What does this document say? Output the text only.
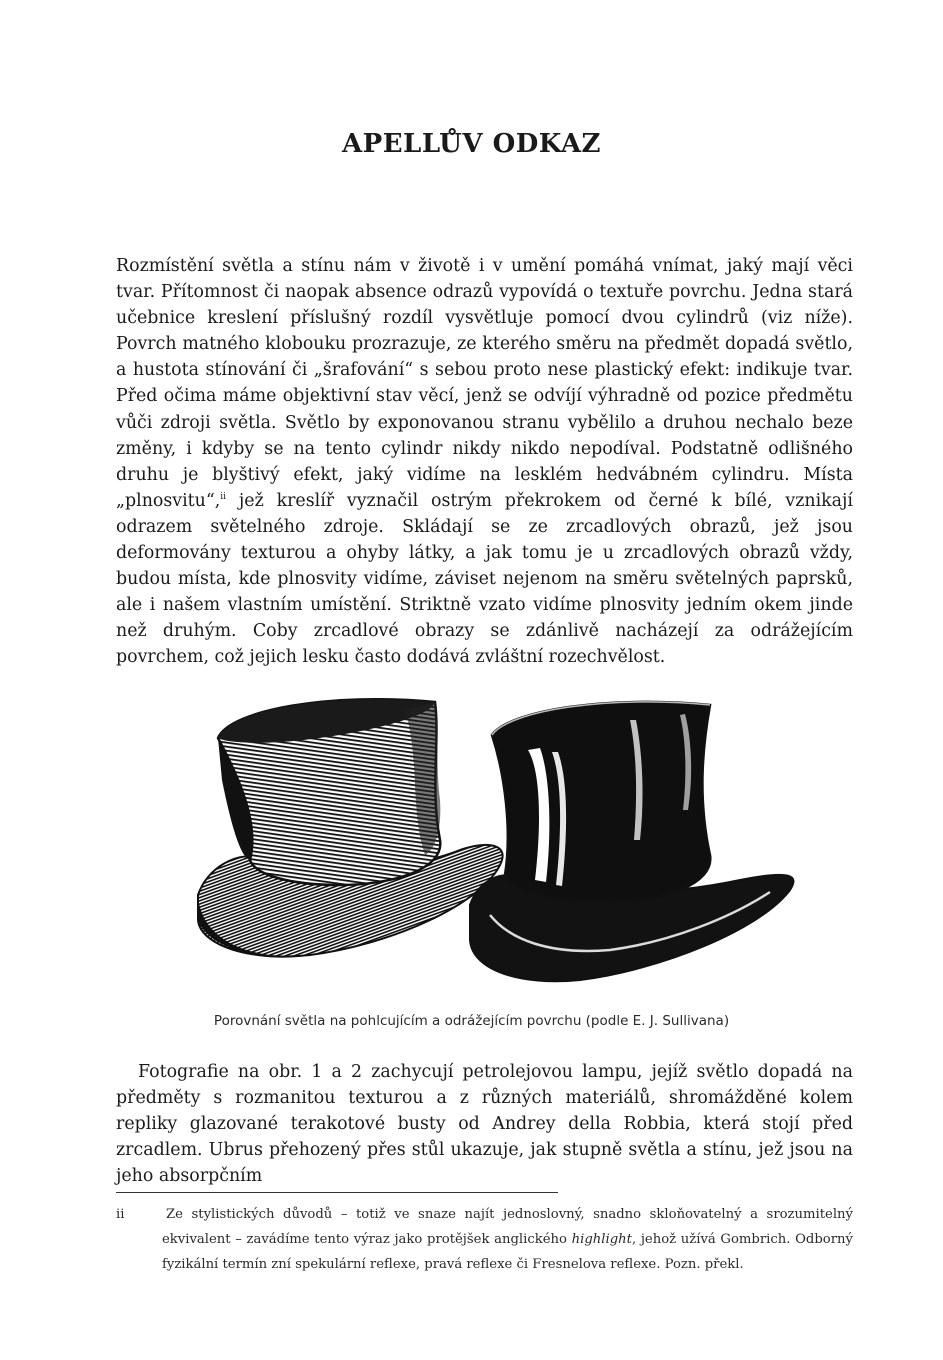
APELLŮV ODKAZ

Rozmístění světla a stínu nám v životě i v umění pomáhá vnímat, jaký mají věci tvar. Přítomnost či naopak absence odrazů vypovídá o textuře povrchu. Jedna stará učebnice kreslení příslušný rozdíl vysvětluje pomocí dvou cylindrů (viz níže). Povrch matného klobouku prozrazuje, ze kterého směru na předmět dopadá světlo, a hustota stínování či „šrafování“ s sebou proto nese plastický efekt: indikuje tvar. Před očima máme objektivní stav věcí, jenž se odvíjí výhradně od pozice předmětu vůči zdroji světla. Světlo by exponovanou stranu vybělilo a druhou nechalo beze změny, i kdyby se na tento cylindr nikdy nikdo nepodíval. Podstatně odlišného druhu je blyštivý efekt, jaký vidíme na lesklém hedvábném cylindru. Místa „plnosvitu“,$^{ii}$ jež kreslíř vyznačil ostrým překrokem od černé k bílé, vznikají odrazem světelného zdroje. Skládají se ze zrcadlových obrazů, jež jsou deformovány texturou a ohyby látky, a jak tomu je u zrcadlových obrazů vždy, budou místa, kde plnosvity vidíme, záviset nejenom na směru světelných paprsků, ale i našem vlastním umístění. Striktně vzato vidíme plnosvity jedním okem jinde než druhým. Coby zrcadlové obrazy se zdánlivě nacházejí za odrážejícím povrchem, což jejich lesku často dodává zvláštní rozechvělost.

Porovnání světla na pohlcujícím a odrážejícím povrchu (podle E. J. Sullivana)

Fotografie na obr. 1 a 2 zachycují petrolejovou lampu, jejíž světlo dopadá na předměty s rozmanitou texturou a z různých materiálů, shromážděné kolem repliky glazované terakotové busty od Andrey della Robbia, která stojí před zrcadlem. Ubrus přehozený přes stůl ukazuje, jak stupně světla a stínu, jež jsou na jeho absorpčním

ii	Ze stylistických důvodů – totiž ve snaze najít jednoslovný, snadno skloňovatelný a srozumitelný ekvivalent – zavádíme tento výraz jako protějšek anglického highlight, jehož užívá Gombrich. Odborný fyzikální termín zní spekulární reflexe, pravá reflexe či Fresnelova reflexe. Pozn. překl.
